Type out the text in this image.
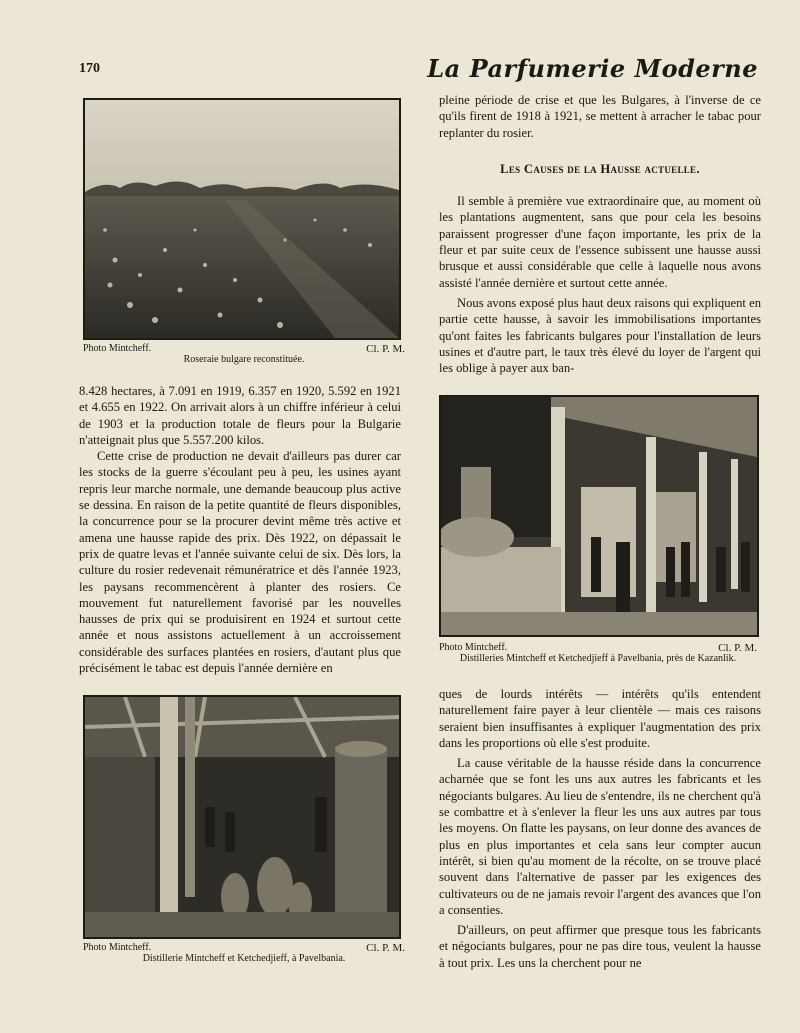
170	La Parfumerie Moderne
Photo Mintcheff.	Cl. P. M.
Roseraie bulgare reconstituée.

8.428 hectares, à 7.091 en 1919, 6.357 en 1920, 5.592 en 1921 et 4.655 en 1922. On arrivait alors à un chiffre inférieur à celui de 1903 et la production totale de fleurs pour la Bulgarie n'atteignait plus que 5.557.200 kilos.

Cette crise de production ne devait d'ailleurs pas durer car les stocks de la guerre s'écoulant peu à peu, les usines ayant repris leur marche normale, une demande beaucoup plus active se dessina. En raison de la petite quantité de fleurs disponibles, la concurrence pour se la procurer devint même très active et amena une hausse rapide des prix. Dès 1922, on dépassait le prix de quatre levas et l'année suivante celui de six. Dès lors, la culture du rosier redevenait rémunératrice et dès l'année 1923, les paysans recommencèrent à planter des rosiers. Ce mouvement fut naturellement favorisé par les nouvelles hausses de prix qui se produisirent en 1924 et surtout cette année et nous assistons actuellement à un accroissement considérable des surfaces plantées en rosiers, d'autant plus que précisément le tabac est depuis l'année dernière en

Photo Mintcheff.	Cl. P. M.
Distillerie Mintcheff et Ketchedjieff, à Pavelbania.

pleine période de crise et que les Bulgares, à l'inverse de ce qu'ils firent de 1918 à 1921, se mettent à arracher le tabac pour replanter du rosier.

Les Causes de la Hausse actuelle.

Il semble à première vue extraordinaire que, au moment où les plantations augmentent, sans que pour cela les besoins paraissent progresser d'une façon importante, les prix de la fleur et par suite ceux de l'essence subissent une hausse aussi brusque et aussi considérable que celle à laquelle nous avons assisté l'année dernière et surtout cette année.

Nous avons exposé plus haut deux raisons qui expliquent en partie cette hausse, à savoir les immobilisations importantes qu'ont faites les fabricants bulgares pour l'installation de leurs usines et d'autre part, le taux très élevé du loyer de l'argent qui les oblige à payer aux ban-

Photo Mintcheff.	Cl. P. M.
Distilleries Mintcheff et Ketchedjieff à Pavelbania, près de Kazanlik.

ques de lourds intérêts — intérêts qu'ils entendent naturellement faire payer à leur clientèle — mais ces raisons seraient bien insuffisantes à expliquer l'augmentation des prix dans les proportions où elle s'est produite.

La cause véritable de la hausse réside dans la concurrence acharnée que se font les uns aux autres les fabricants et les négociants bulgares. Au lieu de s'entendre, ils ne cherchent qu'à se combattre et à s'enlever la fleur les uns aux autres par tous les moyens. On flatte les paysans, on leur donne des avances de plus en plus importantes et cela sans leur compter aucun intérêt, si bien qu'au moment de la récolte, on se trouve placé souvent dans l'alternative de passer par les exigences des cultivateurs ou de ne jamais revoir l'argent des avances que l'on a consenties.

D'ailleurs, on peut affirmer que presque tous les fabricants et négociants bulgares, pour ne pas dire tous, veulent la hausse à tout prix. Les uns la cherchent pour ne
